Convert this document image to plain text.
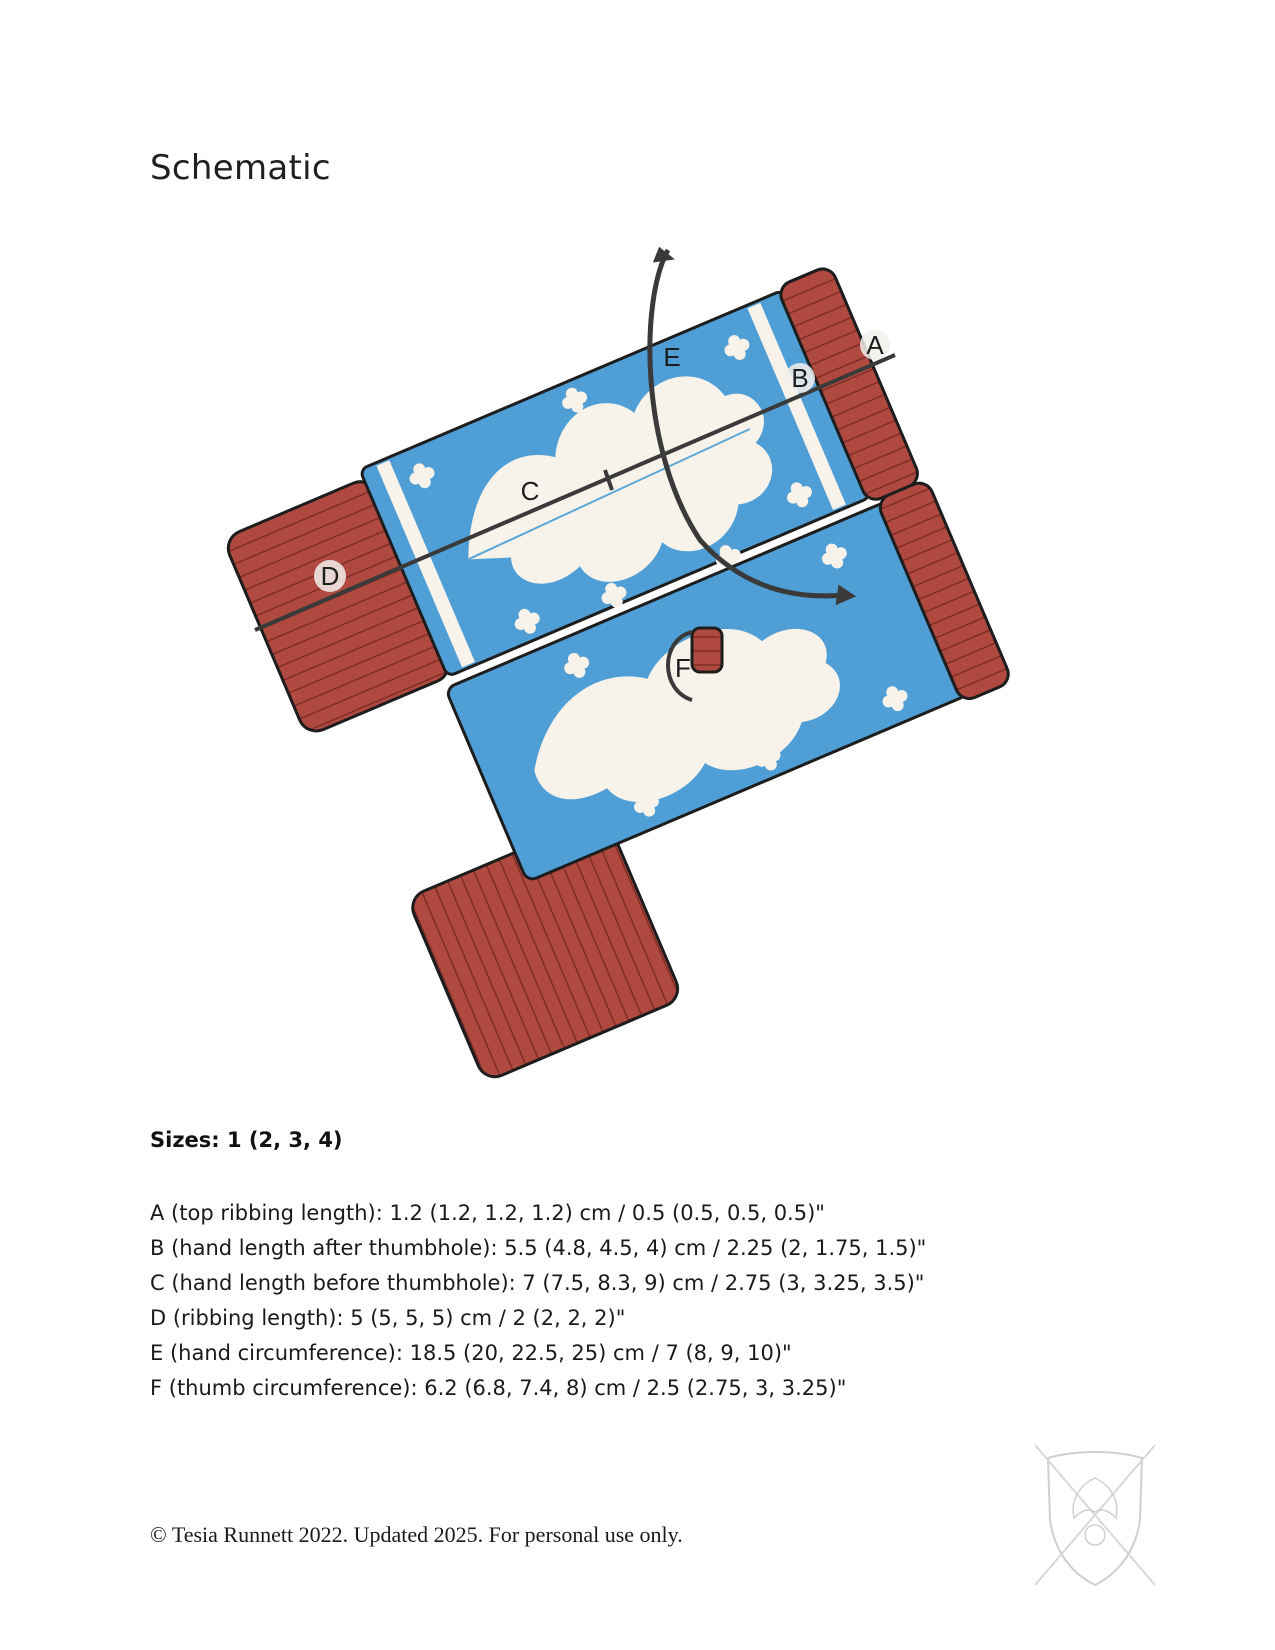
Schematic
A
B
C
D
E
F
Sizes: 1 (2, 3, 4)
A (top ribbing length): 1.2 (1.2, 1.2, 1.2) cm / 0.5 (0.5, 0.5, 0.5)"
B (hand length after thumbhole): 5.5 (4.8, 4.5, 4) cm / 2.25 (2, 1.75, 1.5)"
C (hand length before thumbhole): 7 (7.5, 8.3, 9) cm / 2.75 (3, 3.25, 3.5)"
D (ribbing length): 5 (5, 5, 5) cm / 2 (2, 2, 2)"
E (hand circumference): 18.5 (20, 22.5, 25) cm / 7 (8, 9, 10)"
F (thumb circumference): 6.2 (6.8, 7.4, 8) cm / 2.5 (2.75, 3, 3.25)"
© Tesia Runnett 2022. Updated 2025. For personal use only.
